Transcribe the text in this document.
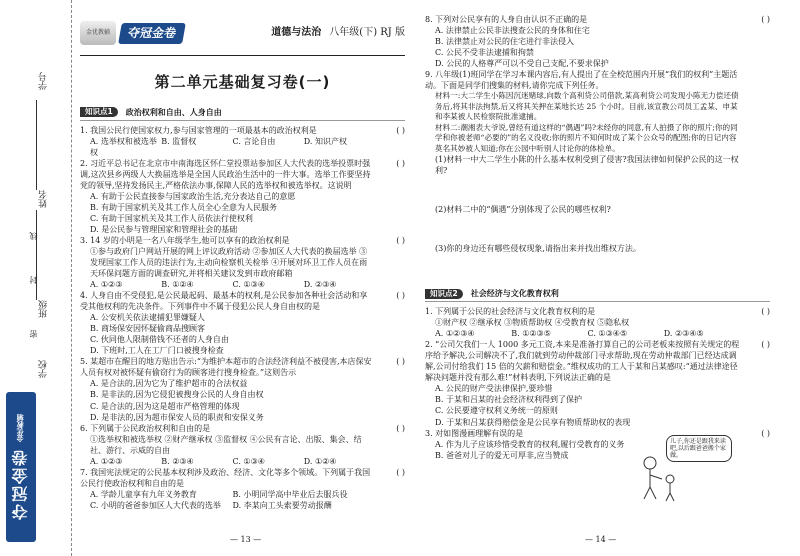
学号
姓名
班级
学校
线
封
密
夺冠金卷
金优教辅
金优教辅	夺冠金卷	道德与法治 八年级(下) RJ 版
第二单元基础复习卷(一)
知识点1	政治权利和自由、人身自由
1. 我国公民行使国家权力,参与国家管理的一项最基本的政治权利是	( )
A. 选举权和被选举权
B. 监督权	C. 言论自由	D. 知识产权
2. 习近平总书记在北京市中南海选区怀仁堂投票站参加区人大代表的选举投票时强调,这次县乡两级人大换届选举是全国人民政治生活中的一件大事。选举工作要坚持党的领导,坚持发扬民主,严格依法办事,保障人民的选举权和被选举权。这说明
( )
A. 有助于公民直接参与国家政治生活,充分表达自己的意愿
B. 有助于国家机关及其工作人员全心全意为人民服务
C. 有助于国家机关及其工作人员依法行使权利
D. 是公民参与管理国家和管理社会的基础
3. 14 岁的小明是一名八年级学生,他可以享有的政治权利是	( )
①参与政府门户网站开展的网上评议政府活动 ②参加区人大代表的换届选举 ③发现国家工作人员的违法行为,主动向检察机关检举 ④开展对环卫工作人员在雨天环保问题方面的调查研究,并将相关建议发到市政府邮箱
A. ①②③	B. ①②④	C. ①③④	D. ②③④
4. 人身自由不受侵犯,是公民最起码、最基本的权利,是公民参加各种社会活动和享受其他权利的先决条件。下列事件中不属于侵犯公民人身自由权的是
( )
A. 公安机关依法逮捕犯罪嫌疑人
B. 商场保安因怀疑偷商品搜顾客
C. 伙同他人限制借钱不还者的人身自由
D. 下班时,工人在工厂门口被搜身检查
5. 某超市在醒目的地方贴出告示:“为维护本超市的合法经济利益不被侵害,本店保安人员有权对被怀疑有偷窃行为的顾客进行搜身检查。”这则告示
( )
A. 是合法的,因为它为了维护超市的合法权益
B. 是非法的,因为它侵犯被搜身公民的人身自由权
C. 是合法的,因为这是超市严格管理的体现
D. 是非法的,因为超市保安人员的职责和安保义务
6. 下列属于公民政治权利和自由的是	( )
①选举权和被选举权 ②财产继承权 ③监督权 ④公民有言论、出版、集会、结社、游行、示威的自由
A. ①②③	B. ②③④	C. ①③④	D. ①②④
7. 我国宪法规定的公民基本权利涉及政治、经济、文化等多个领域。下列属于我国公民行使政治权利和自由的是
( )
A. 学龄儿童享有九年义务教育	B. 小明同学高中毕业后去服兵役
C. 小明的爸爸参加区人大代表的选举	D. 李某向工头索要劳动报酬
— 13 —
8. 下列对公民享有的人身自由认识不正确的是	( )
A. 法律禁止公民非法搜查公民的身体和住宅
B. 法律禁止对公民的住宅进行非法侵入
C. 公民不受非法逮捕和拘禁
D. 公民的人格尊严可以不受自己支配,不要求保护
9. 八年级(1)班同学在学习本课内容后,有人提出了在全校范围内开展“我们的权利”主题活动。下面是同学们搜集的材料,请你完成下列任务。
材料一:大二学生小陈因沉迷赌球,向数个高利贷公司借款,某高利贷公司发现小陈无力偿还债务后,将其非法拘禁,后又将其关押在某地长达 25 个小时。目前,该宣教公司员工孟某、申某和李某被人民检察院批准逮捕。
材料二:潮湘表大爷说,曾经有道这样的“偶遇”吗?未经你的同意,有人拍摄了你的照片;你的同学和你被老师“必要的”的名义没收;你的照片不知何时成了某个公众号的配图;你的日记内容莫名其妙被人知道;你在公园中听别人讨论你的体检单。
(1)材料一中大二学生小陈的什么基本权利受到了侵害?我国法律如何保护公民的这一权利?
(2)材料二中的“偶遇”分别体现了公民的哪些权利?
(3)你的身边还有哪些侵权现象,请指出来并找出维权方法。
知识点2	社会经济与文化教育权利
1. 下列属于公民的社会经济与文化教育权利的是	( )
①财产权 ②继承权 ③物质帮助权 ④受教育权 ⑤隐私权
A. ①②③④	B. ①②③⑤	C. ①③④⑤	D. ②③④⑤
2. “公司欠我们一人 1000 多元工资,本来是准备打算自己的公司老板来按照有关规定的程序给予解决,公司解决不了,我们就到劳动仲裁部门寻求帮助,现在劳动仲裁部门已经达成调解,公司付给我们 15 倍的欠薪和赔偿金。”维权成功的工人于某和吕某感叹:“通过法律途径解决问题并没有那么难!”材料表明,下列说法正确的是
( )
A. 公民的财产受法律保护,要珍惜
B. 于某和吕某的社会经济权利得到了保护
C. 公民要遵守权利义务统一的原则
D. 于某和吕某获得赔偿金是公民享有物质帮助权的表现
3. 对如图漫画理解有误的是
儿子,你还是跟我来读吧,以后跟爸爸搬个家做。
( )
A. 作为儿子应该珍惜受教育的权利,履行受教育的义务
B. 爸爸对儿子的爱无可厚非,应当赞成
— 14 —
